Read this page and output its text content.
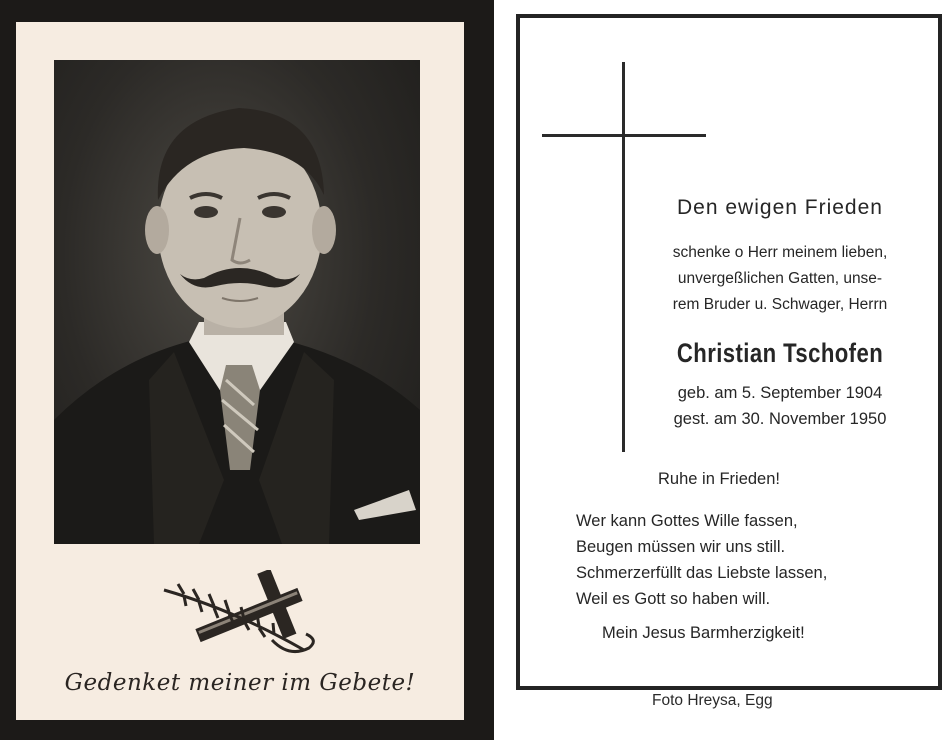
Gedenket meiner im Gebete!
Den ewigen Frieden
schenke o Herr meinem lieben,
unvergeßlichen Gatten, unse-
rem Bruder u. Schwager, Herrn
Christian Tschofen
geb. am 5. September 1904
gest. am 30. November 1950
Ruhe in Frieden!
Wer kann Gottes Wille fassen,
Beugen müssen wir uns still.
Schmerzerfüllt das Liebste lassen,
Weil es Gott so haben will.
Mein Jesus Barmherzigkeit!
Foto Hreysa, Egg
